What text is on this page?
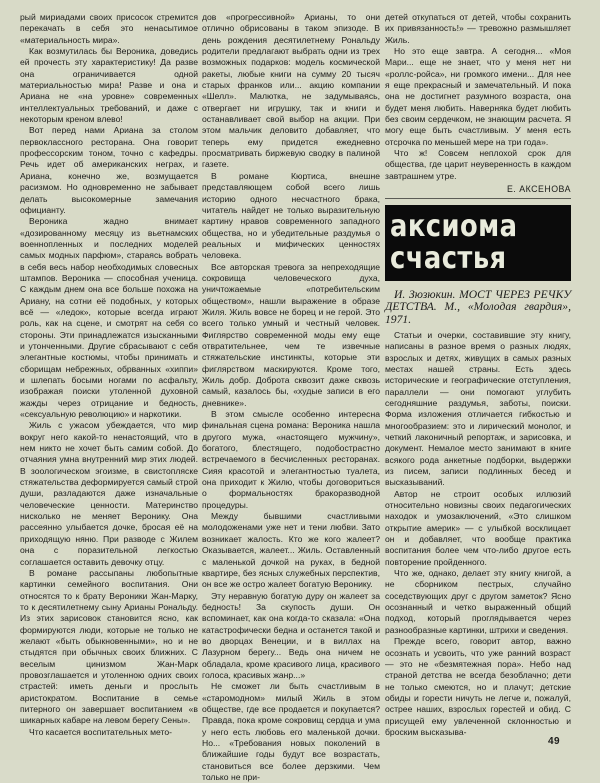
рый мириадами своих присосок стремится перекачать в себя это ненасытимое «материальность мира».

Как возмутилась бы Вероника, доведись ей прочесть эту характеристику! Да разве она ограничивается одной материальностью мира! Разве и она и Ариана не «на уровне» современных интеллектуальных требований, и даже с некоторым креном влево!

Вот перед нами Ариана за столом первоклассного ресторана. Она говорит профессорским тоном, точно с кафедры. Речь идет об американских неграх, и Ариана, конечно же, возмущается расизмом. Но одновременно не забывает делать высокомерные замечания официанту.

Вероника жадно внимает «дозированному месяцу из вьетнамских военнопленных и последних моделей самых модных парфюм», стараясь вобрать в себя весь набор необходимых словесных штампов. Вероника — способная ученица. С каждым днем она все больше похожа на Ариану, на сотни её подобных, у которых всё — «ледок», которые всегда играют роль, как на сцене, и смотрят на себя со стороны. Эти принадлежатся изысканными и утонченными. Другие сбрасывают с себя элегантные костюмы, чтобы принимать и сборищам небрежных, обрванных «хиппи» и шлепать босыми ногами по асфальту, изображая поиски утоленной духовной жажды через отрицание и бедность, «сексуальную революцию» и наркотики.

Жиль с ужасом убеждается, что мир вокруг него какой-то ненастоящий, что в нем никто не хочет быть самим собой. До отчаяния умна внутренний мир этих людей. В зоологическом эгоизме, в свистопляске стяжательства деформируется самый строй души, разладаются даже изначальные человеческие ценности. Материнство нисколько не меняет Веронику. Она рассеянно улыбается дочке, бросая её на приходящую няню. При разводе с Жилем она с поразительной легкостью соглашается оставить девочку отцу.

В романе рассыпаны любопытные картинки семейного воспитания. Они относятся то к брату Вероники Жан-Марку, то к десятилетнему сыну Арианы Рональду. Из этих зарисовок становится ясно, как формируются люди, которые не только не желают «быть обыкновенными», но и не стыдятся при обычных своих ближних. С веселым цинизмом Жан-Марк провозглашается и утоленною одних своих страстей: иметь деньги и прослыть аристократом. Воспитание в семье питерного он завершает воспитанием «в шикарных кабаре на левом берегу Сены».

Что касается воспитательных мето-

дов «прогрессивной» Арианы, то они отлично обрисованы в таком эпизоде. В день рождения десятилетнему Рональду родители предлагают выбрать одни из трех возможных подарков: модель космической ракеты, любые книги на сумму 20 тысяч старых франков или... акцию компании «Шелл». Малютка, не задумываясь, отвергает ни игрушку, так и книги и останавливает свой выбор на акции. При этом мальчик деловито добавляет, что теперь ему придется ежедневно просматривать биржевую сводку в палиной газете.

В романе Кюртиса, внешне представляющем собой всего лишь историю одного несчастного брака, читатель найдет не только выразительную картину нравов современного западного общества, но и убедительные раздумья о реальных и мифических ценностях человека.

Все авторская тревога за непреходящие сокровища человеческого духа, уничтожаемые «потребительским обществом», нашли выражение в образе Жиля. Жиль вовсе не борец и не герой. Это всего только умный и честный человек. Фиглярство современной моды ему еще отвратительнее, чем те извечные стяжательские инстинкты, которые эти фиглярством маскируются. Кроме того, Жиль добр. Доброта сквозит даже сквозь самый, казалось бы, «худые записи в его дневнике».

В этом смысле особенно интересна финальная сцена романа: Вероника нашла другого мужа, «настоящего мужчину», богатого, блестящего, подобострастно встречаемого в бесчисленных ресторанах. Сияя красотой и элегантностью туалета, она приходит к Жилю, чтобы договориться о формальностях бракоразводной процедуры.

Между бывшими счастливыми молодоженами уже нет и тени любви. Зато возникает жалость. Кто же кого жалеет? Оказывается, жалеет... Жиль. Оставленный с маленькой дочкой на руках, в бедной квартире, без ясных служебных перспектив, он все же остро жалеет богатую Веронику.

Эту неравную богатую дуру он жалеет за бедность! За скупость души. Он вспоминает, как она когда-то сказала: «Она катастрофически бедна и останется такой и во дворцах Венеции, и в виллах на Лазурном берегу... Ведь она ничем не обладала, кроме красивого лица, красивого голоса, красивых жанр...»

Не сможет ли быть счастливым в «старомодном» милый Жиль в этом обществе, где все продается и покупается? Правда, пока кроме сокровищ сердца и ума у него есть любовь его маленькой дочки. Но... «Требования новых поколений в ближайшие годы будут все возрастать, становиться все более дерзкими. Чем только не при-

детей откупаться от детей, чтобы сохранить их привязанность!» — тревожно размышляет Жиль.

Но это еще завтра. А сегодня... «Моя Мари... еще не знает, что у меня нет ни «роллс-ройса», ни громкого имени... Для нее я еще прекрасный и замечательный. И пока она не достигнет разумного возраста, она будет меня любить. Наверняка будет любить без своим сердечком, не знающим расчета. Я могу еще быть счастливым. У меня есть отсрочка по меньшей мере на три года».

Что ж! Совсем неплохой срок для общества, где царит неуверенность в каждом завтрашнем утре.

Е. АКСЕНОВА
аксиома
счастья

И. Зюзюкин. МОСТ ЧЕРЕЗ РЕЧКУ ДЕТСТВА. М., «Молодая гвардия», 1971.

Статьи и очерки, составившие эту книгу, написаны в разное время о разных людях, взрослых и детях, живущих в самых разных местах нашей страны. Есть здесь исторические и географические отступления, параллели — они помогают углубить сегодняшние раздумья, заботы, поиски. Форма изложения отличается гибкостью и многообразием: это и лирический монолог, и четкий лаконичный репортаж, и зарисовка, и документ. Немалое место занимают в книге всякого рода анкетные подборки, выдержки из писем, записи подлинных бесед и высказываний.

Автор не строит особых иллюзий относительно новизны своих педагогических находок и умозаключений, «Это слишком открытие америк» — с улыбкой восклицает он и добавляет, что вообще практика воспитания более чем что-либо другое есть повторение пройденного.

Что же, однако, делает эту книгу книгой, а не сборником пестрых, случайно соседствующих друг с другом заметок? Ясно осознанный и четко выраженный общий подход, который проглядывается через разнообразные картинки, штрихи и сведения.

Прежде всего, говорит автор, важно осознать и усвоить, что уже ранний возраст — это не «безмятежная пора». Небо над страной детства не всегда безоблачно; дети не только смеются, но и плачут; детские обиды и горести ничуть не легче и, пожалуй, острее наших, взрослых горестей и обид. С присущей ему увлеченной склонностью и броским высказыва-

49
